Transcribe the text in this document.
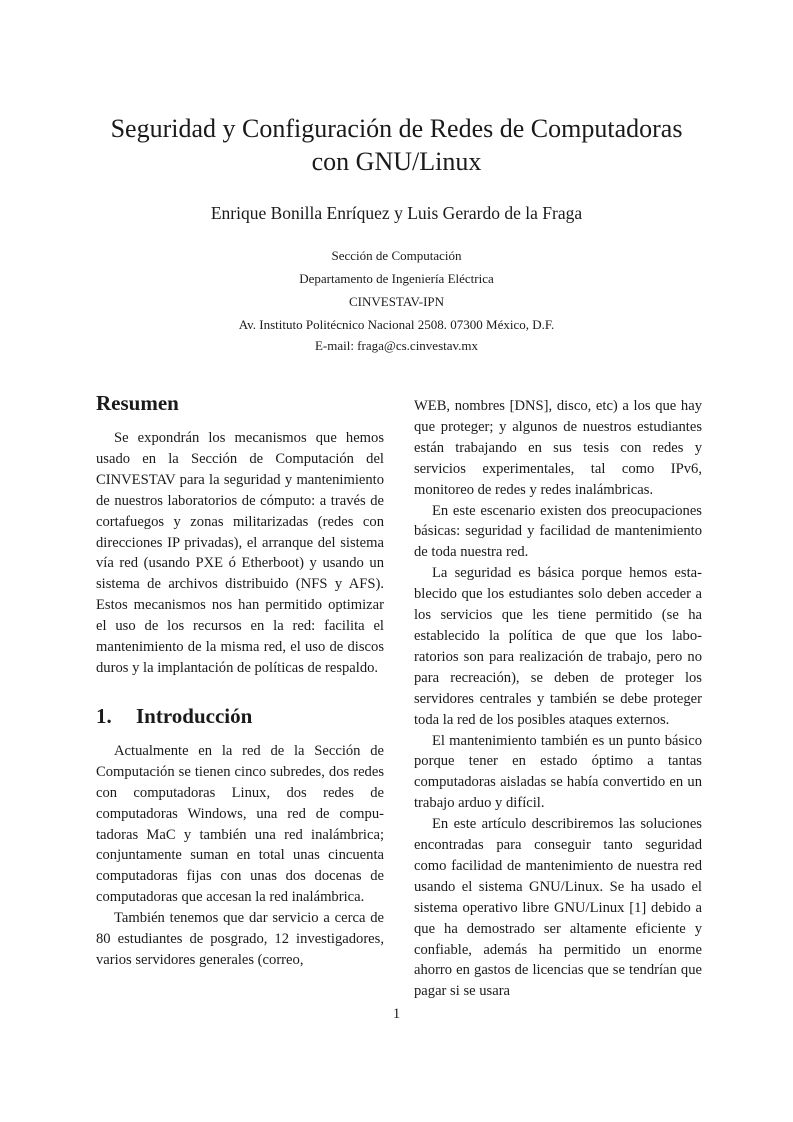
Seguridad y Configuración de Redes de Computadoras
con GNU/Linux

Enrique Bonilla Enríquez y Luis Gerardo de la Fraga

Sección de Computación
Departamento de Ingeniería Eléctrica
CINVESTAV-IPN
Av. Instituto Politécnico Nacional 2508. 07300 México, D.F.
E-mail: fraga@cs.cinvestav.mx
Resumen

Se expondrán los mecanismos que hemos usado en la Sección de Computación del CINVESTAV para la seguridad y mantenimiento de nuestros laboratorios de cómputo: a través de cortafuegos y zonas militarizadas (redes con direcciones IP privadas), el arranque del sistema vía red (usando PXE ó Etherboot) y usando un sistema de archivos distribuido (NFS y AFS). Estos mecanismos nos han permitido optimizar el uso de los recursos en la red: facilita el mantenimiento de la misma red, el uso de discos duros y la implantación de políticas de respaldo.

1. Introducción

Actualmente en la red de la Sección de Computación se tienen cinco subredes, dos redes con computadoras Linux, dos redes de computadoras Windows, una red de computadoras MaC y también una red inalámbrica; conjuntamente suman en total unas cincuenta computadoras fijas con unas dos docenas de computadoras que accesan la red inalámbrica.

También tenemos que dar servicio a cerca de 80 estudiantes de posgrado, 12 investigadores, varios servidores generales (correo,

WEB, nombres [DNS], disco, etc) a los que hay que proteger; y algunos de nuestros estudiantes están trabajando en sus tesis con redes y servicios experimentales, tal como IPv6, monitoreo de redes y redes inalámbricas.

En este escenario existen dos preocupaciones básicas: seguridad y facilidad de mantenimiento de toda nuestra red.

La seguridad es básica porque hemos establecido que los estudiantes solo deben acceder a los servicios que les tiene permitido (se ha establecido la política de que que los laboratorios son para realización de trabajo, pero no para recreación), se deben de proteger los servidores centrales y también se debe proteger toda la red de los posibles ataques externos.

El mantenimiento también es un punto básico porque tener en estado óptimo a tantas computadoras aisladas se había convertido en un trabajo arduo y difícil.

En este artículo describiremos las soluciones encontradas para conseguir tanto seguridad como facilidad de mantenimiento de nuestra red usando el sistema GNU/Linux. Se ha usado el sistema operativo libre GNU/Linux [1] debido a que ha demostrado ser altamente eficiente y confiable, además ha permitido un enorme ahorro en gastos de licencias que se tendrían que pagar si se usara

1
